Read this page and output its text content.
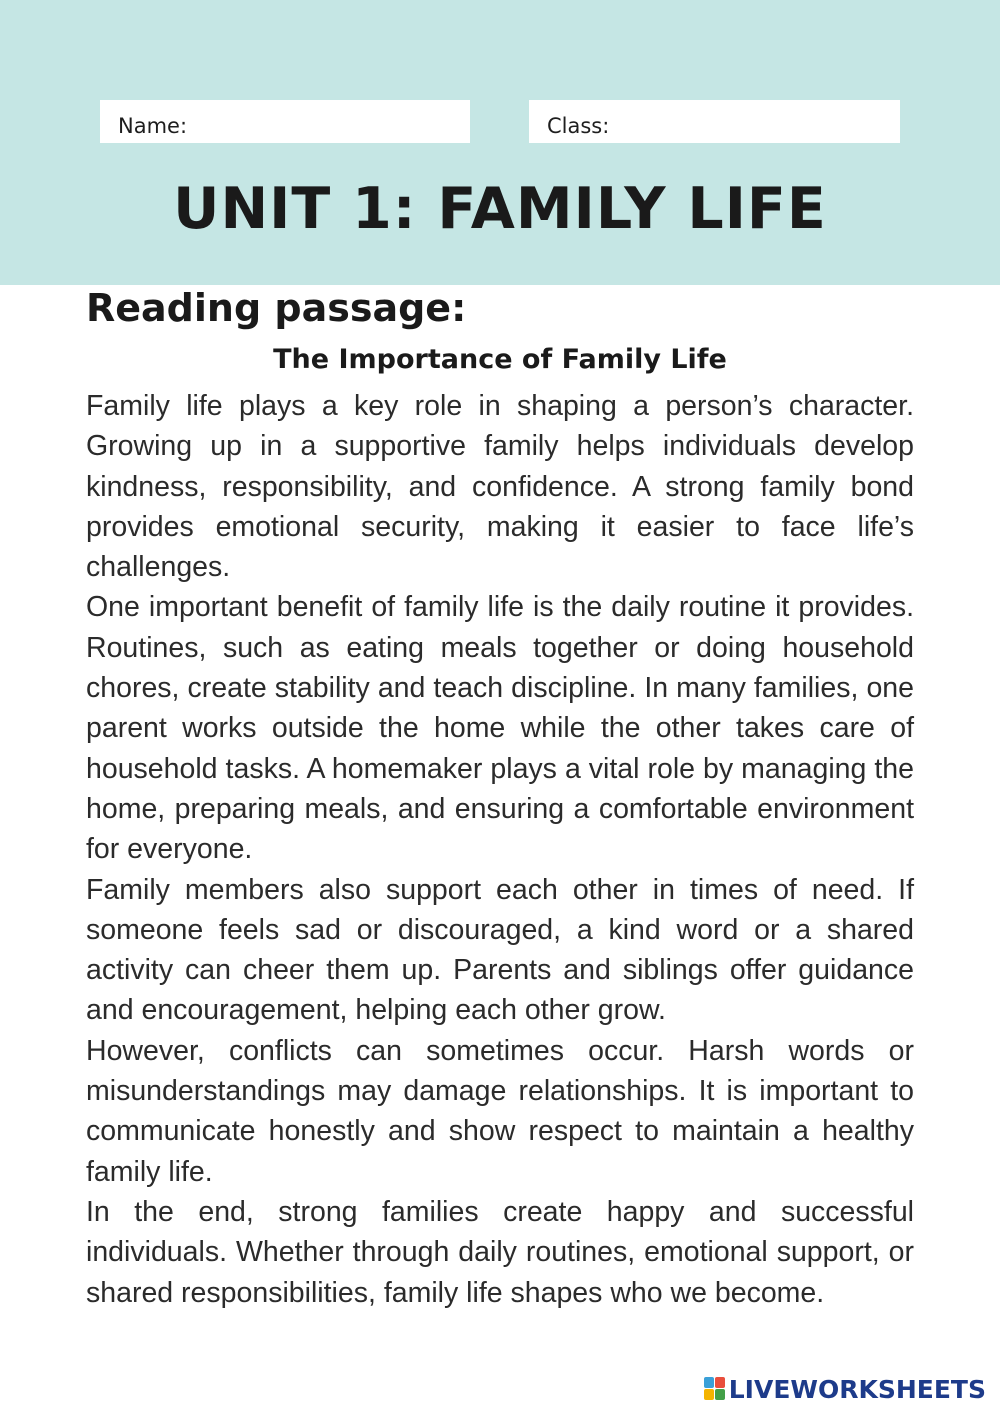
Name:	Class:
UNIT 1: FAMILY LIFE
Reading passage:
The Importance of Family Life

Family life plays a key role in shaping a person’s character. Growing up in a supportive family helps individuals develop kindness, responsibility, and confidence. A strong family bond provides emotional security, making it easier to face life’s challenges.

One important benefit of family life is the daily routine it provides. Routines, such as eating meals together or doing household chores, create stability and teach discipline. In many families, one parent works outside the home while the other takes care of household tasks. A homemaker plays a vital role by managing the home, preparing meals, and ensuring a comfortable environment for everyone.

Family members also support each other in times of need. If someone feels sad or discouraged, a kind word or a shared activity can cheer them up. Parents and siblings offer guidance and encouragement, helping each other grow.

However, conflicts can sometimes occur. Harsh words or misunderstandings may damage relationships. It is important to communicate honestly and show respect to maintain a healthy family life.

In the end, strong families create happy and successful individuals. Whether through daily routines, emotional support, or shared responsibilities, family life shapes who we become.

LIVEWORKSHEETS
